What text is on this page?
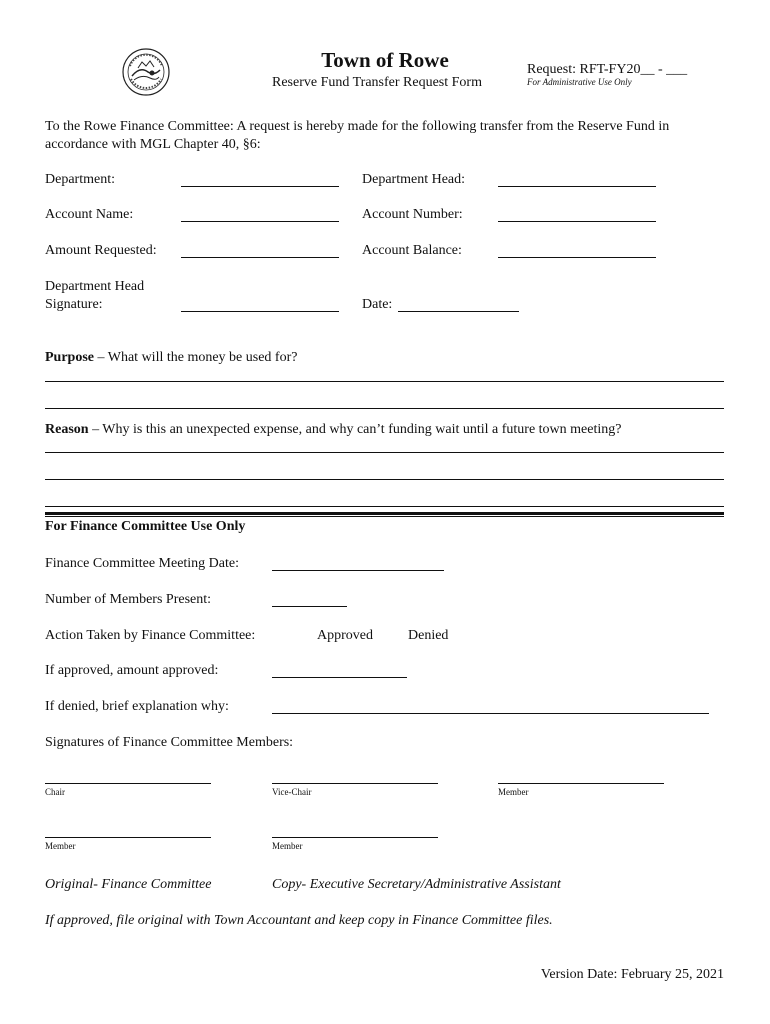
Town of Rowe
Reserve Fund Transfer Request Form
Request: RFT-FY20__ - ___
For Administrative Use Only
To the Rowe Finance Committee: A request is hereby made for the following transfer from the Reserve Fund in
accordance with MGL Chapter 40, §6:
Department:	Department Head:
Account Name:	Account Number:
Amount Requested:	Account Balance:
Department Head
Signature:	Date:
Purpose – What will the money be used for?
Reason – Why is this an unexpected expense, and why can’t funding wait until a future town meeting?
For Finance Committee Use Only
Finance Committee Meeting Date:
Number of Members Present:
Action Taken by Finance Committee:	Approved	Denied
If approved, amount approved:
If denied, brief explanation why:
Signatures of Finance Committee Members:
Chair	Vice-Chair	Member
Member	Member
Original- Finance Committee	Copy- Executive Secretary/Administrative Assistant
If approved, file original with Town Accountant and keep copy in Finance Committee files.
Version Date: February 25, 2021
